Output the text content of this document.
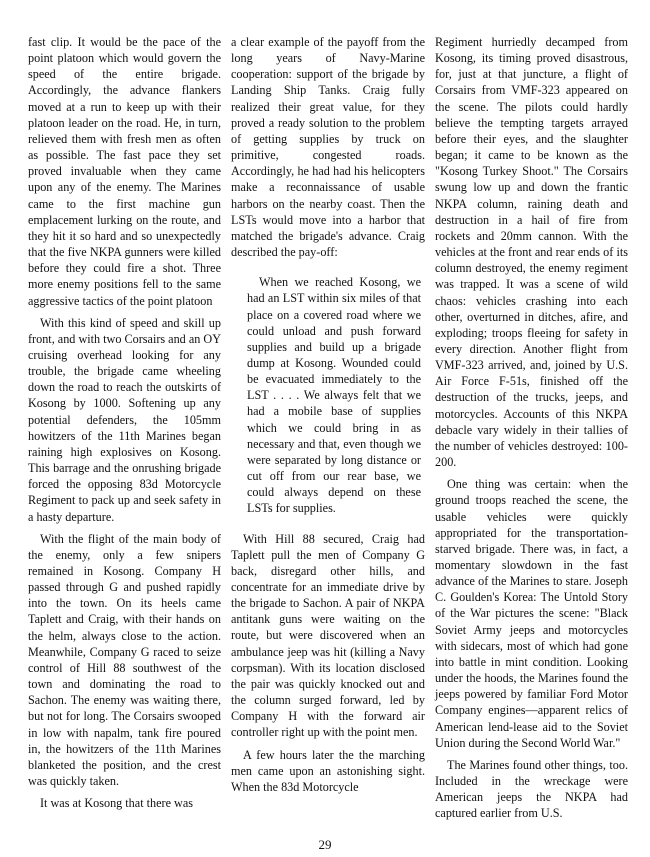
fast clip. It would be the pace of the point platoon which would govern the speed of the entire brigade. Accordingly, the advance flankers moved at a run to keep up with their platoon leader on the road. He, in turn, relieved them with fresh men as often as possible. The fast pace they set proved invaluable when they came upon any of the enemy. The Marines came to the first machine gun emplacement lurking on the route, and they hit it so hard and so unexpectedly that the five NKPA gunners were killed before they could fire a shot. Three more enemy positions fell to the same aggressive tactics of the point platoon

With this kind of speed and skill up front, and with two Corsairs and an OY cruising overhead looking for any trouble, the brigade came wheeling down the road to reach the outskirts of Kosong by 1000. Softening up any potential defenders, the 105mm howitzers of the 11th Marines began raining high explosives on Kosong. This barrage and the onrushing brigade forced the opposing 83d Motorcycle Regiment to pack up and seek safety in a hasty departure.

With the flight of the main body of the enemy, only a few snipers remained in Kosong. Company H passed through G and pushed rapidly into the town. On its heels came Taplett and Craig, with their hands on the helm, always close to the action. Meanwhile, Company G raced to seize control of Hill 88 southwest of the town and dominating the road to Sachon. The enemy was waiting there, but not for long. The Corsairs swooped in low with napalm, tank fire poured in, the howitzers of the 11th Marines blanketed the position, and the crest was quickly taken.

It was at Kosong that there was

a clear example of the payoff from the long years of Navy-Marine cooperation: support of the brigade by Landing Ship Tanks. Craig fully realized their great value, for they proved a ready solution to the problem of getting supplies by truck on primitive, congested roads. Accordingly, he had had his helicopters make a reconnaissance of usable harbors on the nearby coast. Then the LSTs would move into a harbor that matched the brigade's advance. Craig described the pay-off:

When we reached Kosong, we had an LST within six miles of that place on a covered road where we could unload and push forward supplies and build up a brigade dump at Kosong. Wounded could be evacuated immediately to the LST . . . . We always felt that we had a mobile base of supplies which we could bring in as necessary and that, even though we were separated by long distance or cut off from our rear base, we could always depend on these LSTs for supplies.

With Hill 88 secured, Craig had Taplett pull the men of Company G back, disregard other hills, and concentrate for an immediate drive by the brigade to Sachon. A pair of NKPA antitank guns were waiting on the route, but were discovered when an ambulance jeep was hit (killing a Navy corpsman). With its location disclosed the pair was quickly knocked out and the column surged forward, led by Company H with the forward air controller right up with the point men.

A few hours later the the marching men came upon an astonishing sight. When the 83d Motorcycle

Regiment hurriedly decamped from Kosong, its timing proved disastrous, for, just at that juncture, a flight of Corsairs from VMF-323 appeared on the scene. The pilots could hardly believe the tempting targets arrayed before their eyes, and the slaughter began; it came to be known as the "Kosong Turkey Shoot." The Corsairs swung low up and down the frantic NKPA column, raining death and destruction in a hail of fire from rockets and 20mm cannon. With the vehicles at the front and rear ends of its column destroyed, the enemy regiment was trapped. It was a scene of wild chaos: vehicles crashing into each other, overturned in ditches, afire, and exploding; troops fleeing for safety in every direction. Another flight from VMF-323 arrived, and, joined by U.S. Air Force F-51s, finished off the destruction of the trucks, jeeps, and motorcycles. Accounts of this NKPA debacle vary widely in their tallies of the number of vehicles destroyed: 100-200.

One thing was certain: when the ground troops reached the scene, the usable vehicles were quickly appropriated for the transportation-starved brigade. There was, in fact, a momentary slowdown in the fast advance of the Marines to stare. Joseph C. Goulden's Korea: The Untold Story of the War pictures the scene: "Black Soviet Army jeeps and motorcycles with sidecars, most of which had gone into battle in mint condition. Looking under the hoods, the Marines found the jeeps powered by familiar Ford Motor Company engines—apparent relics of American lend-lease aid to the Soviet Union during the Second World War."

The Marines found other things, too. Included in the wreckage were American jeeps the NKPA had captured earlier from U.S.

29
